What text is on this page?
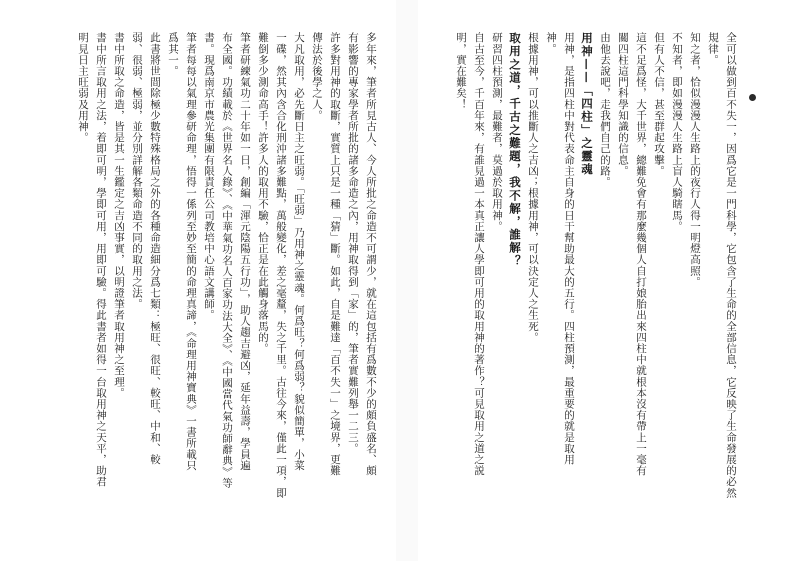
全可以做到百不失一，因爲它是一門科學，它包含了生命的全部信息，它反映了生命發展的必然
規律。
知之者，恰似漫漫人生路上的夜行人得一明燈高照。
不知者，即如漫漫人生路上盲人騎瞎馬。
但有人不信，甚至群起攻擊。
這不足爲怪，大千世界，總難免會有那麼幾個人自打娘胎出來四柱中就根本沒有帶上一毫有
關四柱這門科學知識的信息。
由他去說吧，走我們自己的路。
用神——「四柱」之靈魂
用神，是指四柱中對代表命主自身的日干幫助最大的五行。四柱預測，最重要的就是取用
神。
根據用神，可以推斷人之吉凶；根據用神，可以決定人之生死。
取用之道，千古之難題，我不解，誰解？
研習四柱預測，最難者，莫過於取用神。
自古至今，千百年來，有誰見過一本真正讓人學即可用的取用神的著作？可見取用之道之説
明，實在難矣！
多年來，筆者所見古人、今人所批之命造不可謂少，就在這包括有爲數不少的頗負盛名、頗
有影響的專家學者所批的諸多命造之內，用神取得到「家」的，筆者實難列舉一二三。
許多對用神的取斷，實質上只是一種「猜」斷。如此，自是難達「百不失一」之境界，更難
傳法於後學之人。
大凡取用，必先斷日主之旺弱。「旺弱」乃用神之靈魂。何爲旺？何爲弱？貌似簡單，小菜
一碟，然其內含合化刑沖諸多難點，萬般變化，差之毫釐，失之千里。古往今來，僅此一項，即
難倒多少測命高手！許多人的取用不驗，恰正是在此觸身落馬的。
筆者研練氣功二十年如一日，創編「渾元陰陽五行功」，助人趨吉避凶，延年益壽，學員遍
布全國。功績載於《世界名人錄》、《中華氣功名人百家功法大全》、《中國當代氣功師辭典》等
書。現爲南京市農光集團有限責任公司教培中心語文講師。
筆者每每以氣理參研命理，悟得一係列至妙至簡的命理真諦，《命理用神寶典》一書所載只
爲其一。
此書將世間除極少數特殊格局之外的各種命造細分爲七類：極旺、很旺、較旺、中和、較
弱、很弱、極弱，並分別詳解各類命造不同的取用之法。
書中所取之命造，皆是其一生鑑定之吉凶事實，以明證筆者取用神之至理。
書中所言取用之法，着即可明，學即可用，用即可驗。得此書者如得一台取用神之天平，助君
明見日主旺弱及用神。
